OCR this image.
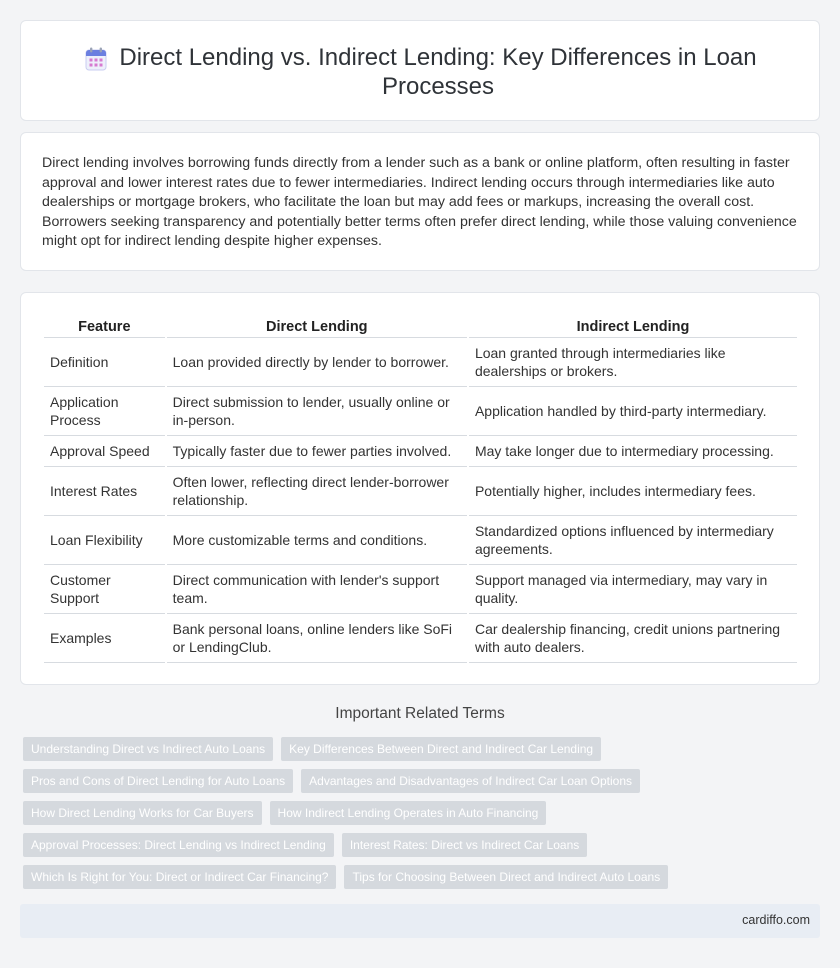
Direct Lending vs. Indirect Lending: Key Differences in Loan Processes

Direct lending involves borrowing funds directly from a lender such as a bank or online platform, often resulting in faster approval and lower interest rates due to fewer intermediaries. Indirect lending occurs through intermediaries like auto dealerships or mortgage brokers, who facilitate the loan but may add fees or markups, increasing the overall cost. Borrowers seeking transparency and potentially better terms often prefer direct lending, while those valuing convenience might opt for indirect lending despite higher expenses.

Feature	Direct Lending	Indirect Lending
Definition	Loan provided directly by lender to borrower.	Loan granted through intermediaries like dealerships or brokers.
Application Process	Direct submission to lender, usually online or in-person.	Application handled by third-party intermediary.
Approval Speed	Typically faster due to fewer parties involved.	May take longer due to intermediary processing.
Interest Rates	Often lower, reflecting direct lender-borrower relationship.	Potentially higher, includes intermediary fees.
Loan Flexibility	More customizable terms and conditions.	Standardized options influenced by intermediary agreements.
Customer Support	Direct communication with lender's support team.	Support managed via intermediary, may vary in quality.
Examples	Bank personal loans, online lenders like SoFi or LendingClub.	Car dealership financing, credit unions partnering with auto dealers.
Important Related Terms
Understanding Direct vs Indirect Auto Loans	Key Differences Between Direct and Indirect Car Lending
Pros and Cons of Direct Lending for Auto Loans	Advantages and Disadvantages of Indirect Car Loan Options
How Direct Lending Works for Car Buyers	How Indirect Lending Operates in Auto Financing
Approval Processes: Direct Lending vs Indirect Lending	Interest Rates: Direct vs Indirect Car Loans
Which Is Right for You: Direct or Indirect Car Financing?	Tips for Choosing Between Direct and Indirect Auto Loans
cardiffo.com
